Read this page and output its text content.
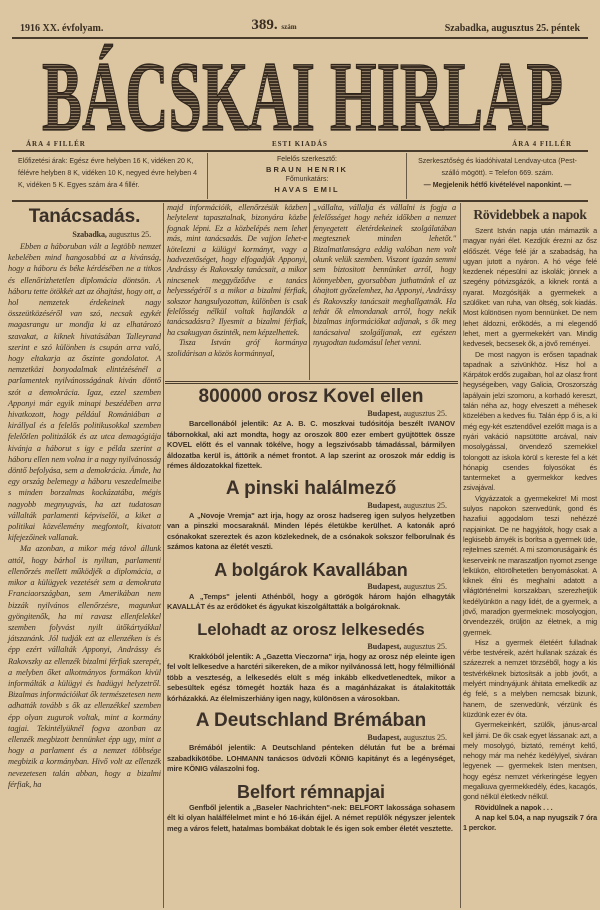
1916 XX. évfolyam.	389. szám	Szabadka, augusztus 25. péntek
BÁCSKAI HIRLAP
ÁRA 4 FILLÉR	ESTI KIADÁS	ÁRA 4 FILLÉR
Előfizetési árak: Egész évre helyben 16 K, vidéken 20 K, félévre helyben 8 K, vidéken 10 K, negyed évre helyben 4 K, vidéken 5 K. Egyes szám ára 4 fillér.
Felelős szerkesztő:
BRAUN HENRIK
Főmunkatárs:
HAVAS EMIL
Szerkesztőség és kiadóhivatal Lendvay-utca (Pest-szálló mögött). = Telefon 669. szám.
— Megjelenik hétfő kivételével naponkint. —
Tanácsadás.
Szabadka, augusztus 25.

Ebben a háboruban vált a legtöbb nemzet kebelében mind hangosabbá az a kivánság, hogy a háboru és béke kérdésében ne a titkos és ellenőrizhetetlen diplomácia döntsön. A háboru tette ötökkét azt az óhajtást, hogy ott, a hol nemzetek érdekeinek nagy összeütközéséről van szó, necsak egykét magasrangu ur mondja ki az elhatározó szavakat, a kiknek hivatásában Talleyrand szerint e szó különben is csupán arra való, hogy eltakarja az őszinte gondolatot. A nemzetközi bonyodalmak elintézésénél a parlamentek nyilvánosságának kiván döntő szót a demokrácia. Igaz, ezzel szemben Apponyi már egyik minapi beszédében arra hivatkozott, hogy például Romániában a királlyal és a felelős politikusokkal szemben felelőtlen politizálók és az utca demagógiája kivánja a háborut s igy e példa szerint a háboru ellen nem volna ir a nagy nyilvánosság döntő befolyása, sem a demokrácia. Ámde, ha egy ország belemegy a háboru veszedelmeibe s minden borzalmas kockázatába, mégis nagyobb megnyugvás, ha azt tudatosan vállalták parlamenti képviselői, a kiket a politikai közvélemény megfontolt, kivatott kifejezőinek vallanak.

Ma azonban, a mikor még távol állunk attól, hogy bárhol is nyiltan, parlamenti ellenőrzés mellett működjék a diplomácia, a mikor a külügyek vezetését sem a demokrata Franciaországban, sem Amerikában nem bizzák nyilvános ellenőrzésre, magunkat gyöngitenők, ha mi ravasz ellenfelekkel szemben folyvást nyilt ütőkártyákkal játszanánk. Jól tudják ezt az ellenzéken is és épp ezért vállalták Apponyi, Andrássy és Rakovszky az ellenzék bizalmi férfiak szerepét, a melyben őket alkotmányos formákon kivül informálták a külügyi és hadügyi helyzetről. Bizalmas információikat ők természetesen nem adhatták tovább s ők az ellenzékkel szemben épp olyan zugurok voltak, mint a kormány tagjai. Tekintélyüknél fogva azonban az ellenzék megbizott bennünket épp ugy, mint a hogy a parlament és a nemzet többsége megbizik a kormányban. Hivő volt az ellenzék nevezetesen talán abban, hogy a bizalmi férfiak, ha

majd információik, ellenőrzésük közben helytelent tapasztalnak, bizonyára közbe fognak lépni. Ez a közbelépés nem lehet más, mint tanácsadás. De vajjon lehet-e kötelezni a külügyi kormányt, vagy a hadvezetőséget, hogy elfogadják Apponyi, Andrássy és Rakovszky tanácsait, a mikor nincsenek meggyőződve e tanács helyességéről s a mikor a bizalmi férfiak, sokszor hangsulyozottan, különben is csak felelősség nélkül voltak hajlandók a tanácsadásra? Ilyesmit a bizalmi férfiak, ha csakugyan őszinték, nem képzelhettek.

Tisza István gróf kormánya szolidárisan a közös kormánnyal,

„vállalta, vállalja és vállalni is fogja a felelősséget hogy nehéz időkben a nemzet fenyegetett életérdekeinek szolgálatában megtesznek minden lehetőt." Bizalmatlanságra eddig valóban nem volt okunk velük szemben. Viszont igazán semmi sem biztositott bennünket arról, hogy könnyebben, gyorsabban juthatnánk el az óhajtott győzelemhez, ha Apponyi, Andrássy és Rakovszky tanácsait meghallgatnák. Ha tehát ők elmondanak arról, hogy nekik bizalmas információkat adjanak, s ők meg tanácsaival szolgáljanak, ezt egészen nyugodtan tudomásul lehet venni.

800000 orosz Kovel ellen
Budapest, augusztus 25.
Barcellonából jelentik: Az A. B. C. moszkvai tudósitója beszélt IVANOV tábornokkal, aki azt mondta, hogy az oroszok 800 ezer embert gyüjtöttek össze KOVEL előtt és el vannak tökélve, hogy a legszivósabb támadással, bármilyen áldozatba kerül is, áttörik a német frontot. A lap szerint az oroszok már eddig is rémes áldozatokkal fizettek.
A pinski halálmező
Budapest, augusztus 25.
A „Novoje Vremja" azt irja, hogy az orosz hadsereg igen sulyos helyzetben van a pinszki mocsaraknál. Minden lépés életükbe kerülhet. A katonák apró csónakokat szereztek és azon közlekednek, de a csónakok sokszor felborulnak és számos katona az életét veszti.
A bolgárok Kavallában
Budapest, augusztus 25.
A „Temps" jelenti Athénből, hogy a görögök három hajón elhagyták KAVALLÁT és az erődöket és ágyukat kiszolgáltatták a bolgároknak.
Lelohadt az orosz lelkesedés
Budapest, augusztus 25.
Krakkóból jelentik: A „Gazetta Vieczorna" irja, hogy az orosz nép eleinte igen fel volt lelkesedve a harctéri sikereken, de a mikor nyilvánossá lett, hogy félmilliónál több a veszteség, a lelkesedés elült s még inkább elkedvetlenedtek, mikor a sebesültek egész tömegét hozták haza és a magánházakat is átalakitották kórházakká. Az élelmiszerhiány igen nagy, különösen a városokban.
A Deutschland Brémában
Budapest, augusztus 25.
Brémából jelentik: A Deutschland pénteken délután fut be a brémai szabadkikötőbe. LOHMANN tanácsos üdvözli KÖNIG kapitányt és a legénységet, mire KÖNIG válaszolni fog.
Belfort rémnapjai
Genfből jelentik a „Baseler Nachrichten"-nek: BELFORT lakossága sohasem élt ki olyan halálfélelmet mint e hó 16-ikán éjjel. A német repülők négyszer jelentek meg a város felett, hatalmas bombákat dobtak le és igen sok ember életét vesztette.
Rövidebbek a napok

Szent István napja után mámaztik a magyar nyári élet. Kezdjük érezni az ősz előőszét. Vége felé jár a szabadság, ha ugyan jutott a nyáron. A hó vége felé kezdenek népesülni az iskolák; jönnek a szegény pótvizsgázók, a kiknek rontá a nyarat. Mozgósítják a gyermekek a szülőket: van ruha, van öltség, sok kiadás. Most különösen nyom bennünket. De nem lehet áldozni, erőködés, a mi elegendő lehet, mert a gyermekekért van. Mindig kedvesek, becsesek ők, a jövő reményei.

De most nagyon is erősen tapadnak tapadnak a szivünkhöz. Hisz hol a Kárpátok erdős zugaiban, hol az olasz front hegységeiben, vagy Galicia, Oroszország lapályain jelzi szomoru, a korhadó kereszt, talán néha az, hogy elveszett a méhesek közelében a kedves fiu. Talán épp ő is, a ki még egy-két esztendővel ezelőtt maga is a nyári vakáció napsütötte arcával, naiv mosolygással, örvendező szemekkel tolongott az iskola körül s kereste fel a két hónapig csendes folyosókat és tantermeket a gyermekkor kedves zsivajával.

Vigyázzatok a gyermekekre! Mi most sulyos napokon szenvedünk, gond és hazafiui aggodalom teszi nehézzé napjainkat. De ne hagyjátok, hogy csak a legkisebb árnyék is borítsa a gyermek üde, rejtelmes szemét. A mi szomoruságaink és keserveink ne maraszatljon nyomot zsenge lelkükön, eltörölhetetlen benyomásokat. A kiknek élni és meghalni adatott a világtörténelmi korszakban, szerezhetjük kedélyünkön a nagy lidét, de a gyermek, a jövő, maradjon gyermeknek: mosolyogjon, örvendezzék, örüljön az életnek, a mig gyermek.

Hisz a gyermek életéért fulladnak vérbe testvéreik, azért hullanak százak és százezrek a nemzet törzséből, hogy a kis testvérkéknek biztosítsák a jobb jövőt, a melyért mindnyájunk áhitata emelkedik az ég felé, s a melyben nemcsak bizunk, hanem, de szenvedünk, vérzünk és küzdünk ezer év óta.

Gyermekeinkért, szülők, jánus-arcal kell járni. De ők csak egyet lássanak: azt, a mely mosolygó, biztató, reményt keltő, nehogy már ma nehéz kedélylyel, siváran legyenek — gyermekek Isten mentsen, hogy egész nemzet vérkeringése legyen megalkuva gyermekkedély, édes, kacagós, gond nélkül életkedv nélkül.

Rövidülnek a napok . . .

A nap kel 5.04, a nap nyugszik 7 óra 1 perckor.
